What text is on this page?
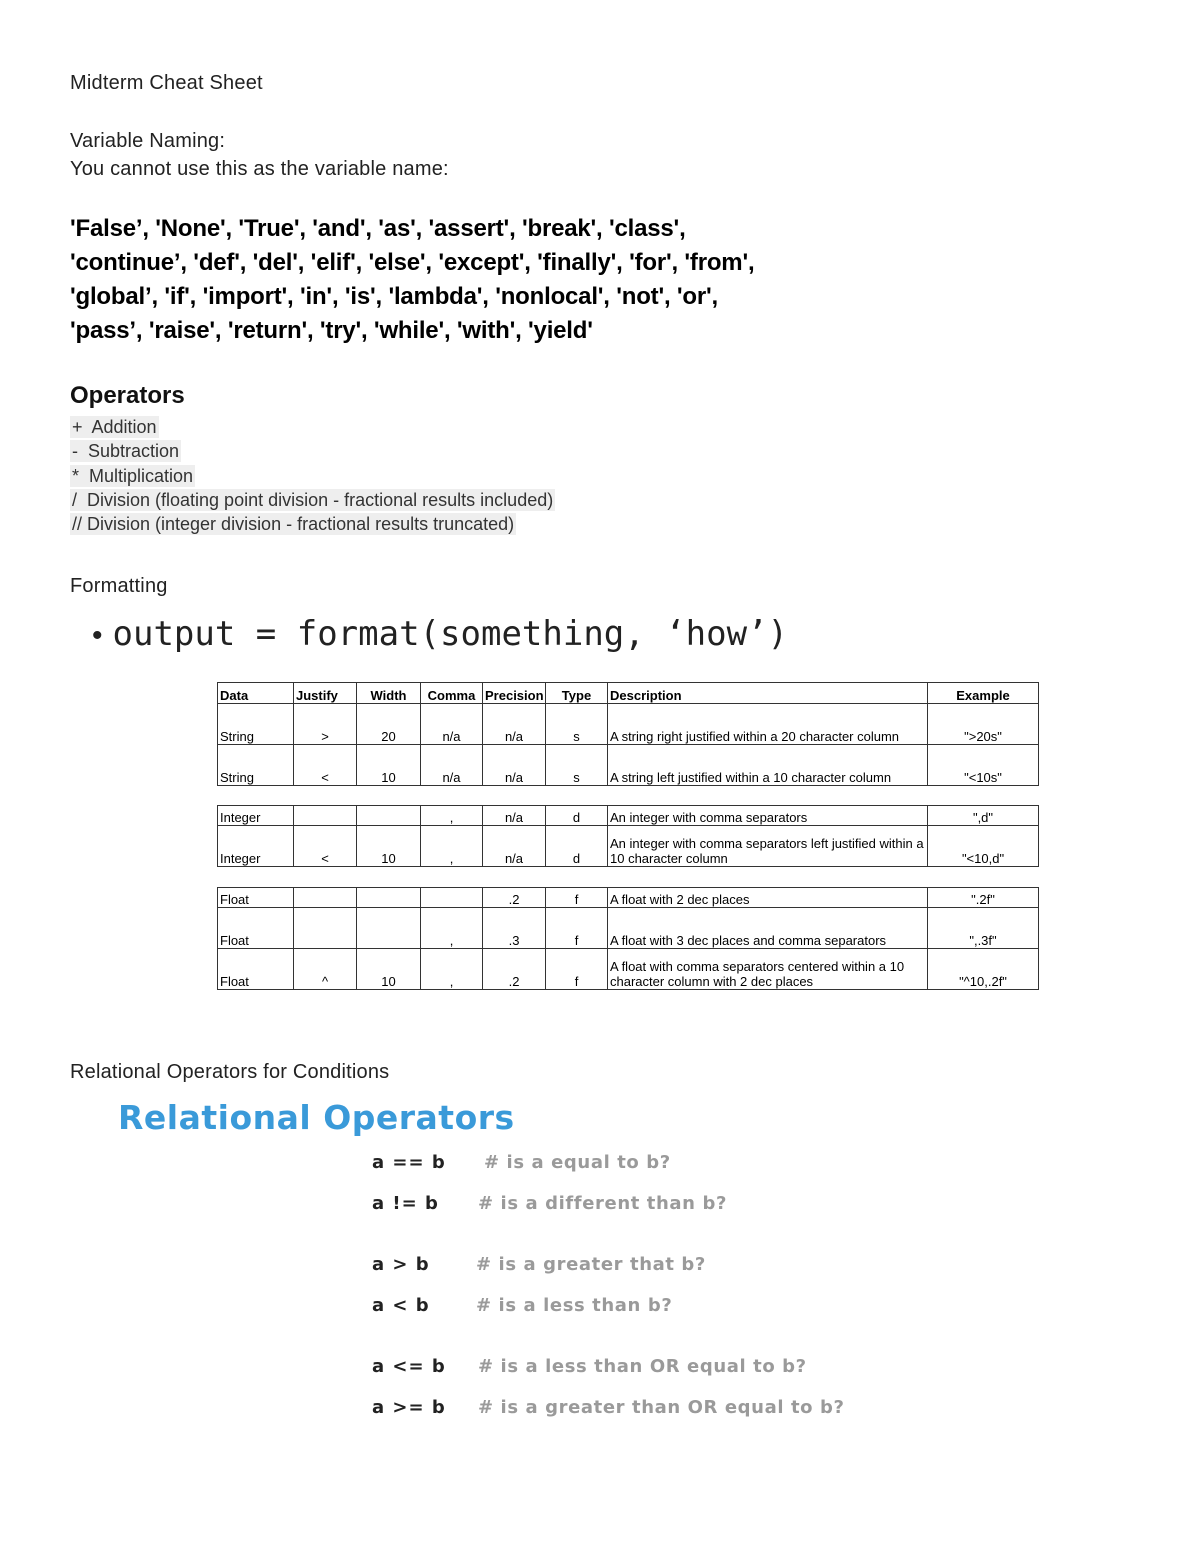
Midterm Cheat Sheet
Variable Naming:
You cannot use this as the variable name:
'False’, 'None', 'True', 'and', 'as', 'assert', 'break', 'class',
'continue’, 'def', 'del', 'elif', 'else', 'except', 'finally', 'for', 'from',
'global’, 'if', 'import', 'in', 'is', 'lambda', 'nonlocal', 'not', 'or',
'pass’, 'raise', 'return', 'try', 'while', 'with', 'yield'
Operators
+  Addition
-  Subtraction
*  Multiplication
/  Division (floating point division - fractional results included)
// Division (integer division - fractional results truncated)
Formatting
• output = format(something, ‘how’)
Data	Justify	Width	Comma	Precision	Type	Description	Example
String	>	20	n/a	n/a	s	A string right justified within a 20 character column	">20s"
String	<	10	n/a	n/a	s	A string left justified within a 10 character column	"<10s"
Integer			,	n/a	d	An integer with comma separators	",d"
Integer	<	10	,	n/a	d	An integer with comma separators left justified within a 10 character column	"<10,d"
Float				.2	f	A float with 2 dec places	".2f"
Float			,	.3	f	A float with 3 dec places and comma separators	",.3f"
Float	^	10	,	.2	f	A float with comma separators centered within a 10 character column with 2 dec places	"^10,.2f"
Relational Operators for Conditions
Relational Operators
a == b # is a equal to b?
a != b # is a different than b?
a > b	# is a greater that b?
a < b	# is a less than b?
a <= b # is a less than OR equal to b?
a >= b # is a greater than OR equal to b?
